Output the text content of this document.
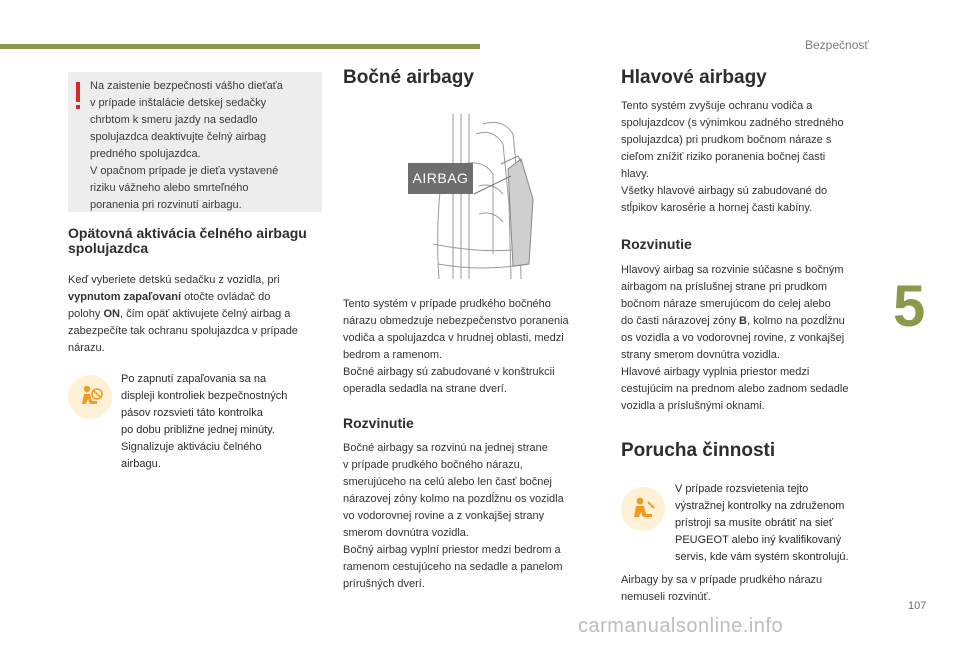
Bezpečnosť
5
107
carmanualsonline.info
Na zaistenie bezpečnosti vášho dieťaťa
v prípade inštalácie detskej sedačky
chrbtom k smeru jazdy na sedadlo
spolujazdca deaktivujte čelný airbag
predného spolujazdca.
V opačnom prípade je dieťa vystavené
riziku vážneho alebo smrteľného
poranenia pri rozvinutí airbagu.
Opätovná aktivácia čelného airbagu spolujazdca

Keď vyberiete detskú sedačku z vozidla, pri vypnutom zapaľovaní otočte ovládač do
polohy ON, čím opäť aktivujete čelný airbag a
zabezpečíte tak ochranu spolujazdca v prípade
nárazu.

Po zapnutí zapaľovania sa na
displeji kontroliek bezpečnostných
pásov rozsvieti táto kontrolka
po dobu približne jednej minúty.
Signalizuje aktiváciu čelného
airbagu.
Bočné airbagy
AIRBAG

Tento systém v prípade prudkého bočného
nárazu obmedzuje nebezpečenstvo poranenia
vodiča a spolujazdca v hrudnej oblasti, medzi
bedrom a ramenom.
Bočné airbagy sú zabudované v konštrukcii
operadla sedadla na strane dverí.

Rozvinutie

Bočné airbagy sa rozvinú na jednej strane
v prípade prudkého bočného nárazu,
smerujúceho na celú alebo len časť bočnej
nárazovej zóny kolmo na pozdĺžnu os vozidla
vo vodorovnej rovine a z vonkajšej strany
smerom dovnútra vozidla.
Bočný airbag vyplní priestor medzi bedrom a
ramenom cestujúceho na sedadle a panelom
prírušných dverí.

Hlavové airbagy

Tento systém zvyšuje ochranu vodiča a
spolujazdcov (s výnimkou zadného stredného
spolujazdca) pri prudkom bočnom náraze s
cieľom znížiť riziko poranenia bočnej časti
hlavy.
Všetky hlavové airbagy sú zabudované do
stĺpikov karosérie a hornej časti kabíny.

Rozvinutie

Hlavový airbag sa rozvinie súčasne s bočným
airbagom na príslušnej strane pri prudkom
bočnom náraze smerujúcom do celej alebo
do časti nárazovej zóny B, kolmo na pozdĺžnu
os vozidla a vo vodorovnej rovine, z vonkajšej
strany smerom dovnútra vozidla.
Hlavové airbagy vyplnia priestor medzi
cestujúcim na prednom alebo zadnom sedadle
vozidla a príslušnými oknami.

Porucha činnosti
V prípade rozsvietenia tejto
výstražnej kontrolky na združenom
prístroji sa musíte obrátiť na sieť
PEUGEOT alebo iný kvalifikovaný
servis, kde vám systém skontrolujú.

Airbagy by sa v prípade prudkého nárazu
nemuseli rozvinúť.
